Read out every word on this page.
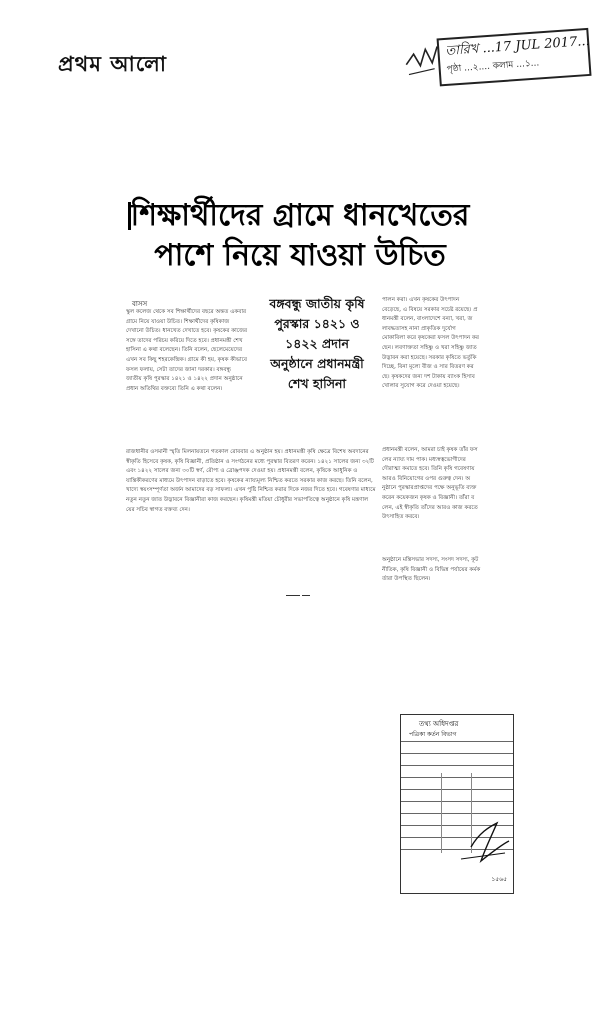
প্রথম আলো
তারিখ ...17 JUL 2017...
পৃষ্ঠা ...২.... কলাম ...১...
শিক্ষার্থীদের গ্রামে ধানখেতের
পাশে নিয়ে যাওয়া উচিত
বাসস	বঙ্গবন্ধু জাতীয় কৃষি
পুরস্কার ১৪২১ ও
১৪২২ প্রদান
অনুষ্ঠানে প্রধানমন্ত্রী
শেখ হাসিনা
স্কুল কলেজ থেকে সব শিক্ষার্থীদের বছরে অন্তত একবার গ্রামে নিয়ে যাওয়া উচিত। শিক্ষার্থীদের কৃষিকাজ দেখানো উচিত। ধানখেত দেখাতে হবে। কৃষকের কাজের সঙ্গে তাদের পরিচয় করিয়ে দিতে হবে। প্রধানমন্ত্রী শেখ হাসিনা এ কথা বলেছেন। তিনি বলেন, ছেলেমেয়েদের এখন সব কিছু শহরকেন্দ্রিক। গ্রামে কী হয়, কৃষক কীভাবে ফসল ফলায়, সেটা তাদের জানা দরকার। বঙ্গবন্ধু জাতীয় কৃষি পুরস্কার ১৪২১ ও ১৪২২ প্রদান অনুষ্ঠানে প্রধান অতিথির বক্তব্যে তিনি এ কথা বলেন।
রাজধানীর ওসমানী স্মৃতি মিলনায়তনে গতকাল রোববার এ অনুষ্ঠান হয়। প্রধানমন্ত্রী কৃষি ক্ষেত্রে বিশেষ অবদানের স্বীকৃতি হিসেবে কৃষক, কৃষি বিজ্ঞানী, প্রতিষ্ঠান ও সংগঠনের মধ্যে পুরস্কার বিতরণ করেন। ১৪২১ সালের জন্য ৩২টি এবং ১৪২২ সালের জন্য ৩০টি স্বর্ণ, রৌপ্য ও ব্রোঞ্জপদক দেওয়া হয়। প্রধানমন্ত্রী বলেন, কৃষিকে আধুনিক ও যান্ত্রিকীকরণের মাধ্যমে উৎপাদন বাড়াতে হবে। কৃষকের ন্যায্যমূল্য নিশ্চিত করতে সরকার কাজ করছে। তিনি বলেন, খাদ্যে স্বয়ংসম্পূর্ণতা অর্জন আমাদের বড় সাফল্য। এখন পুষ্টি নিশ্চিত করার দিকে নজর দিতে হবে। গবেষণার মাধ্যমে নতুন নতুন জাত উদ্ভাবনে বিজ্ঞানীরা কাজ করছেন। কৃষিমন্ত্রী মতিয়া চৌধুরীর সভাপতিত্বে অনুষ্ঠানে কৃষি মন্ত্রণালয়ের সচিব স্বাগত বক্তব্য দেন।
পালন করা। এখন কৃষকের উৎপাদন বেড়েছে, এ বিষয়ে সরকার সচেষ্ট রয়েছে। প্রধানমন্ত্রী বলেন, বাংলাদেশে বন্যা, খরা, জলাবদ্ধতাসহ নানা প্রাকৃতিক দুর্যোগ মোকাবিলা করে কৃষকেরা ফসল উৎপাদন করছেন। লবণাক্ততা সহিষ্ণু ও খরা সহিষ্ণু জাত উদ্ভাবন করা হয়েছে। সরকার কৃষিতে ভর্তুকি দিচ্ছে, বিনা মূল্যে বীজ ও সার বিতরণ করছে। কৃষকদের জন্য দশ টাকায় ব্যাংক হিসাব খোলার সুযোগ করে দেওয়া হয়েছে।
প্রধানমন্ত্রী বলেন, আমরা চাই কৃষক তাঁর ফসলের ন্যায্য দাম পাক। মধ্যস্বত্বভোগীদের দৌরাত্ম্য কমাতে হবে। তিনি কৃষি গবেষণায় আরও বিনিয়োগের ওপর গুরুত্ব দেন। অনুষ্ঠানে পুরস্কারপ্রাপ্তদের পক্ষে অনুভূতি ব্যক্ত করেন কয়েকজন কৃষক ও বিজ্ঞানী। তাঁরা বলেন, এই স্বীকৃতি তাঁদের আরও কাজ করতে উৎসাহিত করবে।
অনুষ্ঠানে মন্ত্রিসভার সদস্য, সংসদ সদস্য, কূটনীতিক, কৃষি বিজ্ঞানী ও বিভিন্ন পর্যায়ের কর্মকর্তারা উপস্থিত ছিলেন।
তথ্য অধিদপ্তর
পত্রিকা কর্তন বিভাগ
১৫৬৫
